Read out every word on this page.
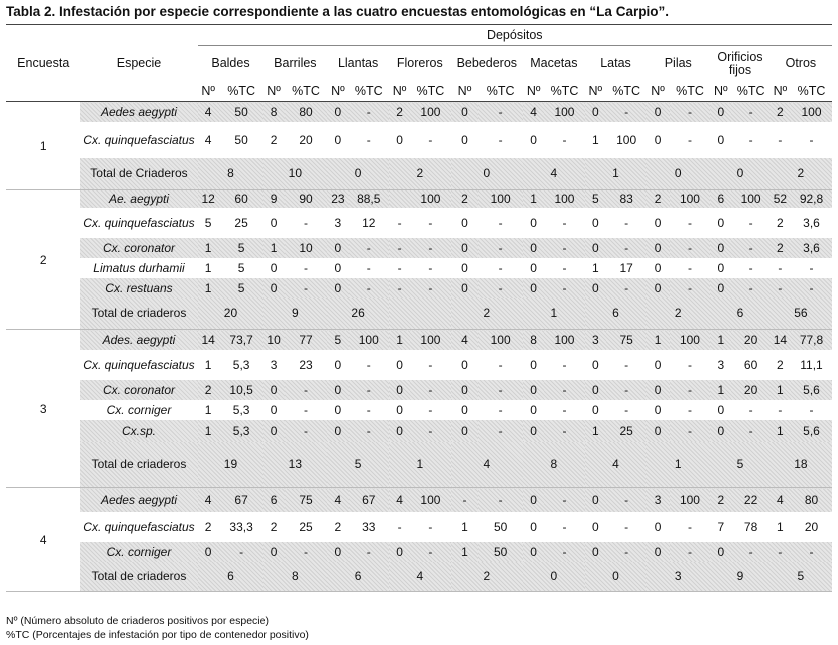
Tabla 2. Infestación por especie correspondiente a las cuatro encuestas entomológicas en “La Carpio”.
Encuesta	Especie	Depósitos																			
		Baldes		Barriles		Llantas		Floreros		Bebederos		Macetas		Latas		Pilas		Orificios fijos		Otros	
		Nº	%TC	Nº	%TC	Nº	%TC	Nº	%TC	Nº	%TC	Nº	%TC	Nº	%TC	Nº	%TC	Nº	%TC	Nº	%TC
1	Aedes aegypti	4	50	8	80	0	-	2	100	0	-	4	100	0	-	0	-	0	-	2	100
	Cx. quinquefasciatus	4	50	2	20	0	-	0	-	0	-	0	-	1	100	0	-	0	-	-	-
	Total de Criaderos	8		10		0		2		0		4		1		0		0		2	
2	Ae. aegypti	12	60	9	90	23	88,5		100	2	100	1	100	5	83	2	100	6	100	52	92,8
	Cx. quinquefasciatus	5	25	0	-	3	12	-	-	0	-	0	-	0	-	0	-	0	-	2	3,6
	Cx. coronator	1	5	1	10	0	-	-	-	0	-	0	-	0	-	0	-	0	-	2	3,6
	Limatus durhamii	1	5	0	-	0	-	-	-	0	-	0	-	1	17	0	-	0	-	-	-
	Cx. restuans	1	5	0	-	0	-	-	-	0	-	0	-	0	-	0	-	0	-	-	-
	Total de criaderos	20		9		26				2		1		6		2		6		56	
3	Ades. aegypti	14	73,7	10	77	5	100	1	100	4	100	8	100	3	75	1	100	1	20	14	77,8
	Cx. quinquefasciatus	1	5,3	3	23	0	-	0	-	0	-	0	-	0	-	0	-	3	60	2	11,1
	Cx. coronator	2	10,5	0	-	0	-	0	-	0	-	0	-	0	-	0	-	1	20	1	5,6
	Cx. corniger	1	5,3	0	-	0	-	0	-	0	-	0	-	0	-	0	-	0	-	-	-
	Cx.sp.	1	5,3	0	-	0	-	0	-	0	-	0	-	1	25	0	-	0	-	1	5,6
	Total de criaderos	19		13		5		1		4		8		4		1		5		18	
4	Aedes aegypti	4	67	6	75	4	67	4	100	-	-	0	-	0	-	3	100	2	22	4	80
	Cx. quinquefasciatus	2	33,3	2	25	2	33	-	-	1	50	0	-	0	-	0	-	7	78	1	20
	Cx. corniger	0	-	0	-	0	-	0	-	1	50	0	-	0	-	0	-	0	-	-	-
	Total de criaderos	6		8		6		4		2		0		0		3		9		5	
Nº (Número absoluto de criaderos positivos por especie)
%TC (Porcentajes de infestación por tipo de contenedor positivo)
